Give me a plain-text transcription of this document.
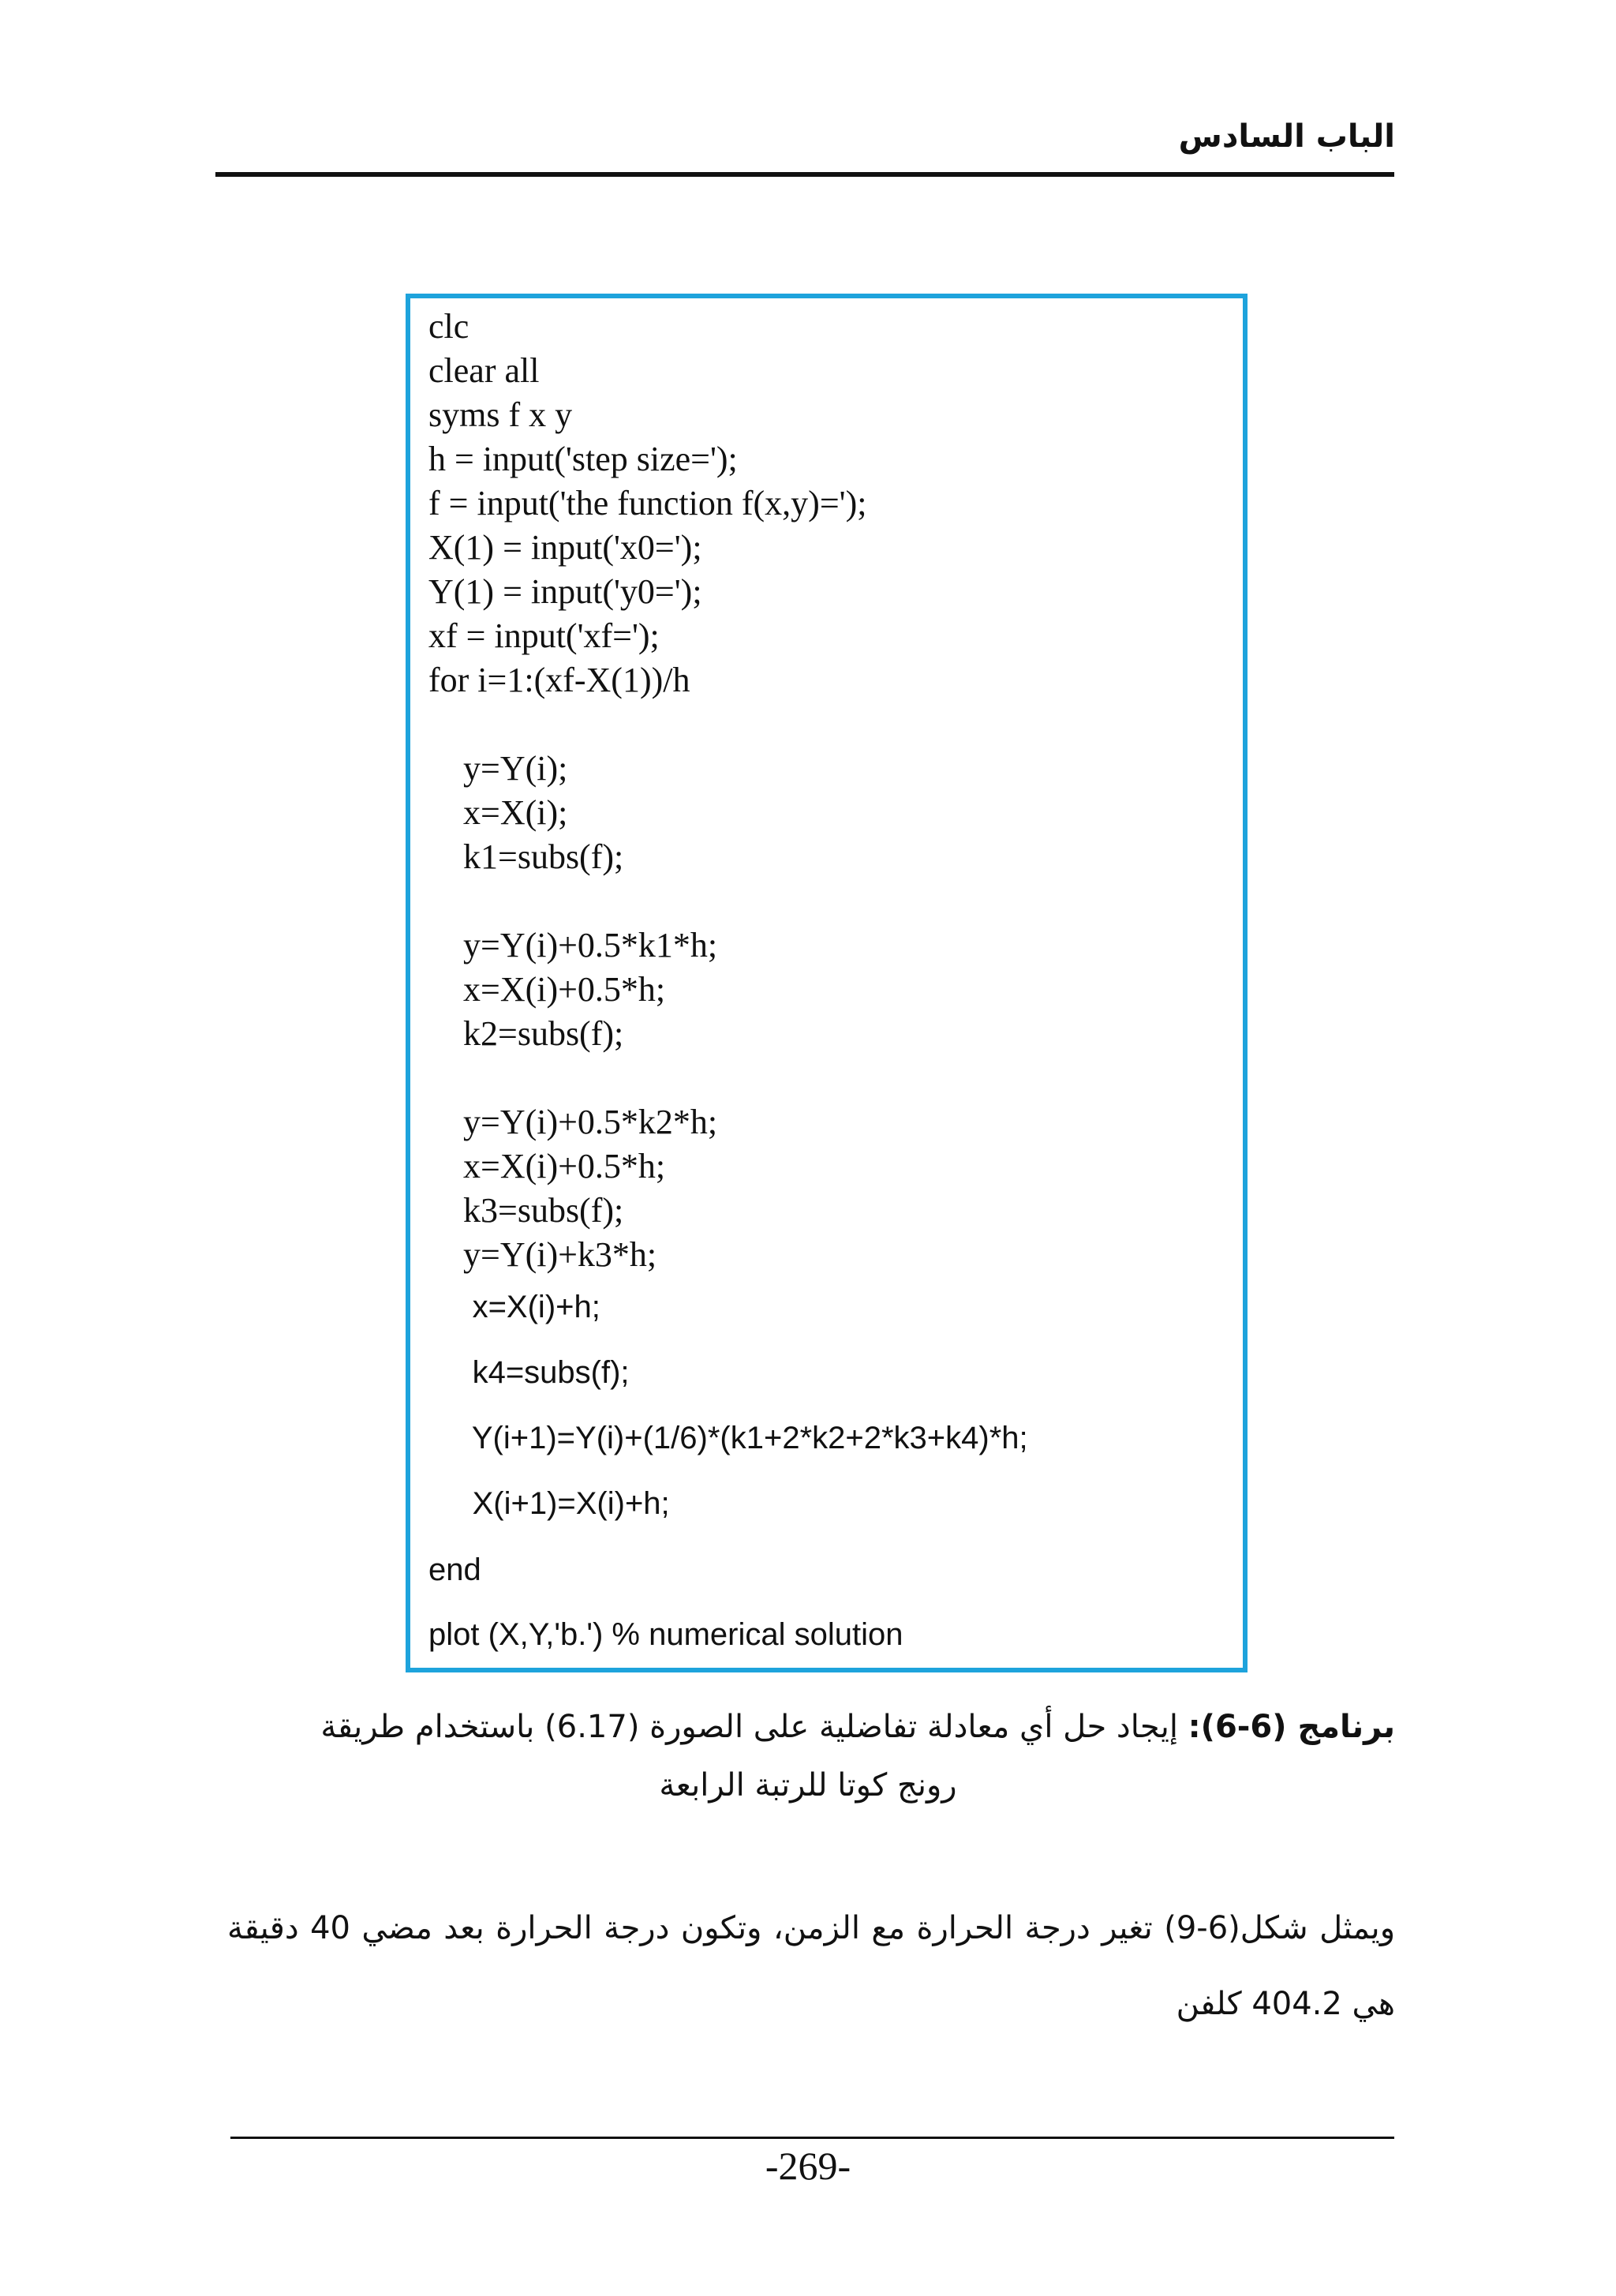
الباب السادس
clc
clear all
syms f x y
h = input('step size=');
f = input('the function f(x,y)=');
X(1) = input('x0=');
Y(1) = input('y0=');
xf = input('xf=');
for i=1:(xf-X(1))/h
y=Y(i);
x=X(i);
k1=subs(f);
y=Y(i)+0.5*k1*h;
x=X(i)+0.5*h;
k2=subs(f);
y=Y(i)+0.5*k2*h;
x=X(i)+0.5*h;
k3=subs(f);
y=Y(i)+k3*h;
x=X(i)+h;
k4=subs(f);
Y(i+1)=Y(i)+(1/6)*(k1+2*k2+2*k3+k4)*h;
X(i+1)=X(i)+h;
end
plot (X,Y,'b.') % numerical solution

برنامج (6-6): إيجاد حل أي معادلة تفاضلية على الصورة (6.17) باستخدام طريقة

رونج كوتا للرتبة الرابعة

ويمثل شكل(6-9) تغير درجة الحرارة مع الزمن، وتكون درجة الحرارة بعد مضي 40 دقيقة هي 404.2 كلفن

-269-
